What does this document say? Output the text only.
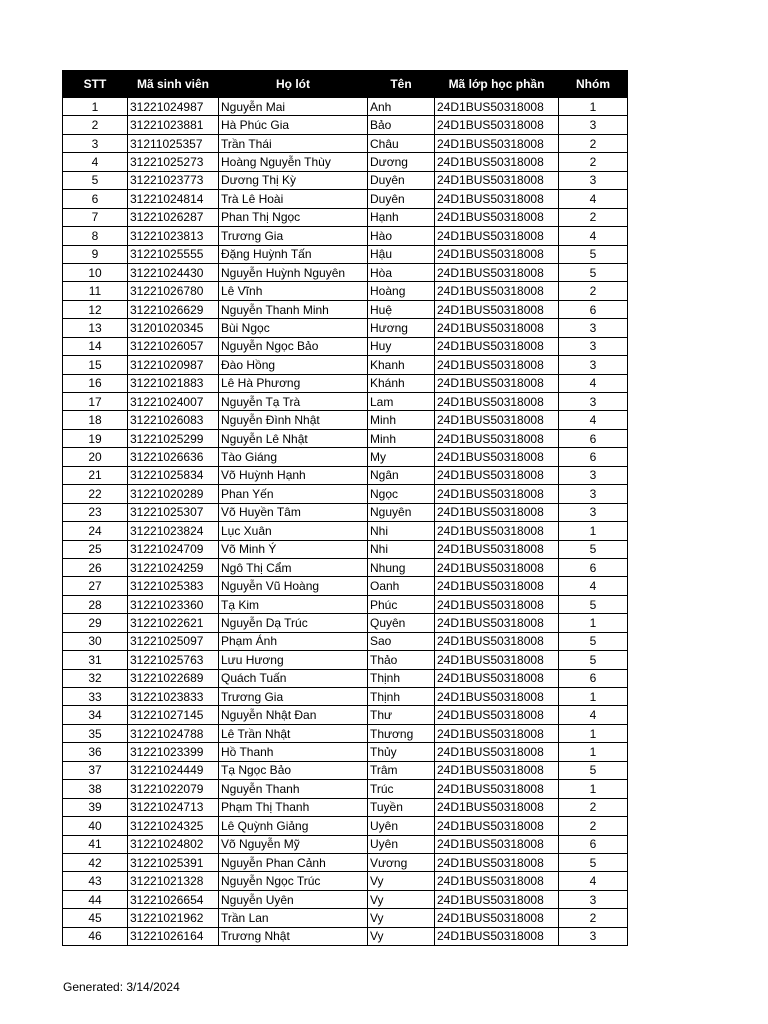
STT	Mã sinh viên	Họ lót	Tên	Mã lớp học phần	Nhóm
1	31221024987	Nguyễn Mai	Anh	24D1BUS50318008	1
2	31221023881	Hà Phúc Gia	Bảo	24D1BUS50318008	3
3	31211025357	Trần Thái	Châu	24D1BUS50318008	2
4	31221025273	Hoàng Nguyễn Thùy	Dương	24D1BUS50318008	2
5	31221023773	Dương Thị Kỳ	Duyên	24D1BUS50318008	3
6	31221024814	Trà Lê Hoài	Duyên	24D1BUS50318008	4
7	31221026287	Phan Thị Ngọc	Hạnh	24D1BUS50318008	2
8	31221023813	Trương Gia	Hào	24D1BUS50318008	4
9	31221025555	Đặng Huỳnh Tấn	Hậu	24D1BUS50318008	5
10	31221024430	Nguyễn Huỳnh Nguyên	Hòa	24D1BUS50318008	5
11	31221026780	Lê Vĩnh	Hoàng	24D1BUS50318008	2
12	31221026629	Nguyễn Thanh Minh	Huệ	24D1BUS50318008	6
13	31201020345	Bùi Ngọc	Hương	24D1BUS50318008	3
14	31221026057	Nguyễn Ngọc Bảo	Huy	24D1BUS50318008	3
15	31221020987	Đào Hồng	Khanh	24D1BUS50318008	3
16	31221021883	Lê Hà Phương	Khánh	24D1BUS50318008	4
17	31221024007	Nguyễn Tạ Trà	Lam	24D1BUS50318008	3
18	31221026083	Nguyễn Đình Nhật	Minh	24D1BUS50318008	4
19	31221025299	Nguyễn Lê Nhật	Minh	24D1BUS50318008	6
20	31221026636	Tào Giáng	My	24D1BUS50318008	6
21	31221025834	Võ Huỳnh Hạnh	Ngân	24D1BUS50318008	3
22	31221020289	Phan Yến	Ngọc	24D1BUS50318008	3
23	31221025307	Võ Huyền Tâm	Nguyên	24D1BUS50318008	3
24	31221023824	Lục Xuân	Nhi	24D1BUS50318008	1
25	31221024709	Võ Minh Ý	Nhi	24D1BUS50318008	5
26	31221024259	Ngô Thị Cẩm	Nhung	24D1BUS50318008	6
27	31221025383	Nguyễn Vũ Hoàng	Oanh	24D1BUS50318008	4
28	31221023360	Tạ Kim	Phúc	24D1BUS50318008	5
29	31221022621	Nguyễn Dạ Trúc	Quyên	24D1BUS50318008	1
30	31221025097	Phạm Ánh	Sao	24D1BUS50318008	5
31	31221025763	Lưu Hương	Thảo	24D1BUS50318008	5
32	31221022689	Quách Tuấn	Thịnh	24D1BUS50318008	6
33	31221023833	Trương Gia	Thịnh	24D1BUS50318008	1
34	31221027145	Nguyễn Nhật Đan	Thư	24D1BUS50318008	4
35	31221024788	Lê Trần Nhật	Thương	24D1BUS50318008	1
36	31221023399	Hồ Thanh	Thủy	24D1BUS50318008	1
37	31221024449	Tạ Ngọc Bảo	Trâm	24D1BUS50318008	5
38	31221022079	Nguyễn Thanh	Trúc	24D1BUS50318008	1
39	31221024713	Phạm Thị Thanh	Tuyền	24D1BUS50318008	2
40	31221024325	Lê Quỳnh Giảng	Uyên	24D1BUS50318008	2
41	31221024802	Võ Nguyễn Mỹ	Uyên	24D1BUS50318008	6
42	31221025391	Nguyễn Phan Cảnh	Vương	24D1BUS50318008	5
43	31221021328	Nguyễn Ngọc Trúc	Vy	24D1BUS50318008	4
44	31221026654	Nguyễn Uyên	Vy	24D1BUS50318008	3
45	31221021962	Trần Lan	Vy	24D1BUS50318008	2
46	31221026164	Trương Nhật	Vy	24D1BUS50318008	3
Generated: 3/14/2024
